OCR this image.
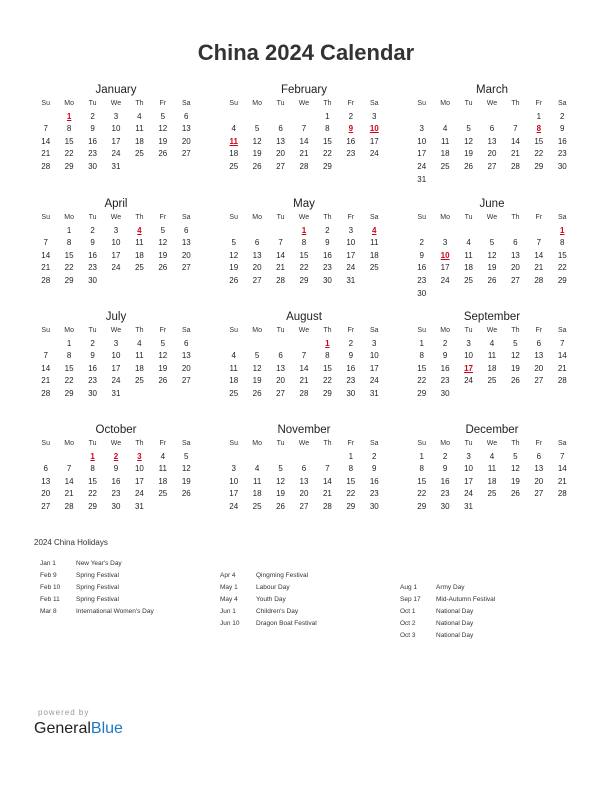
China 2024 Calendar
January
Su	Mo	Tu	We	Th	Fr	Sa
	1	2	3	4	5	6
7	8	9	10	11	12	13
14	15	16	17	18	19	20
21	22	23	24	25	26	27
28	29	30	31			
February
Su	Mo	Tu	We	Th	Fr	Sa
				1	2	3
4	5	6	7	8	9	10
11	12	13	14	15	16	17
18	19	20	21	22	23	24
25	26	27	28	29		
March
Su	Mo	Tu	We	Th	Fr	Sa
					1	2
3	4	5	6	7	8	9
10	11	12	13	14	15	16
17	18	19	20	21	22	23
24	25	26	27	28	29	30
31						
April
Su	Mo	Tu	We	Th	Fr	Sa
	1	2	3	4	5	6
7	8	9	10	11	12	13
14	15	16	17	18	19	20
21	22	23	24	25	26	27
28	29	30				
May
Su	Mo	Tu	We	Th	Fr	Sa
			1	2	3	4
5	6	7	8	9	10	11
12	13	14	15	16	17	18
19	20	21	22	23	24	25
26	27	28	29	30	31	
June
Su	Mo	Tu	We	Th	Fr	Sa
						1
2	3	4	5	6	7	8
9	10	11	12	13	14	15
16	17	18	19	20	21	22
23	24	25	26	27	28	29
30						
July
Su	Mo	Tu	We	Th	Fr	Sa
	1	2	3	4	5	6
7	8	9	10	11	12	13
14	15	16	17	18	19	20
21	22	23	24	25	26	27
28	29	30	31			
August
Su	Mo	Tu	We	Th	Fr	Sa
				1	2	3
4	5	6	7	8	9	10
11	12	13	14	15	16	17
18	19	20	21	22	23	24
25	26	27	28	29	30	31
September
Su	Mo	Tu	We	Th	Fr	Sa
1	2	3	4	5	6	7
8	9	10	11	12	13	14
15	16	17	18	19	20	21
22	23	24	25	26	27	28
29	30					
October
Su	Mo	Tu	We	Th	Fr	Sa
		1	2	3	4	5
6	7	8	9	10	11	12
13	14	15	16	17	18	19
20	21	22	23	24	25	26
27	28	29	30	31		
November
Su	Mo	Tu	We	Th	Fr	Sa
					1	2
3	4	5	6	7	8	9
10	11	12	13	14	15	16
17	18	19	20	21	22	23
24	25	26	27	28	29	30
December
Su	Mo	Tu	We	Th	Fr	Sa
1	2	3	4	5	6	7
8	9	10	11	12	13	14
15	16	17	18	19	20	21
22	23	24	25	26	27	28
29	30	31				
2024 China Holidays
Jan 1	New Year's Day
Feb 9	Spring Festival
Feb 10 Spring Festival
Feb 11 Spring Festival
Mar 8	International Women's Day
Apr 4	Qingming Festival
May 1	Labour Day
May 4	Youth Day
Jun 1	Children's Day
Jun 10	Dragon Boat Festival
Aug 1	Army Day
Sep 17 Mid-Autumn Festival
Oct 1	National Day
Oct 2	National Day
Oct 3	National Day
powered by
GeneralBlue
